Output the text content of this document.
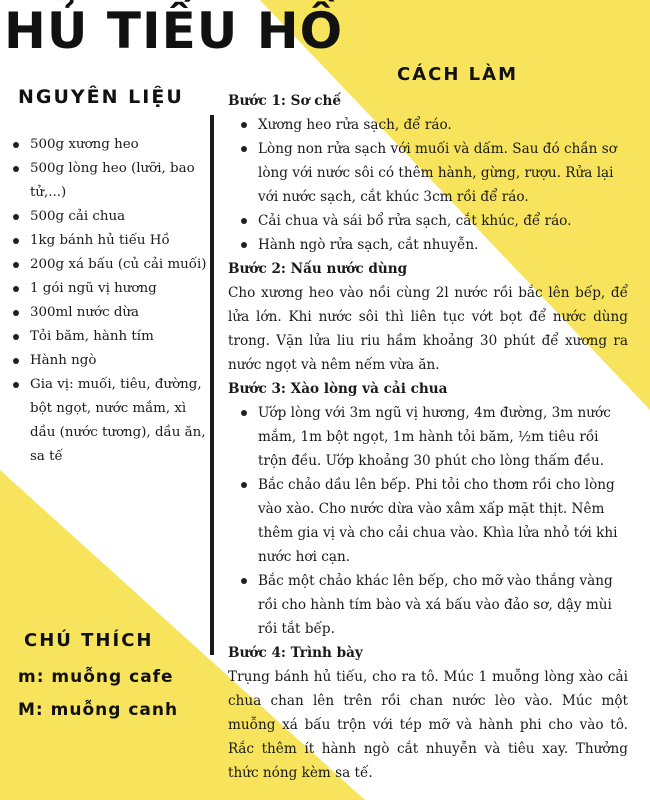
HỦ TIẾU HỒ
NGUYÊN LIỆU
CÁCH LÀM
500g xương heo
500g lòng heo (lưỡi, bao tử,...)
500g cải chua
1kg bánh hủ tiếu Hồ
200g xá bấu (củ cải muối)
1 gói ngũ vị hương
300ml nước dừa
Tỏi băm, hành tím
Hành ngò
Gia vị: muối, tiêu, đường, bột ngọt, nước mắm, xì dầu (nước tương), dầu ăn, sa tế

Bước 1: Sơ chế

Xương heo rửa sạch, để ráo.
Lòng non rửa sạch với muối và dấm. Sau đó chần sơ lòng với nước sôi có thêm hành, gừng, rượu. Rửa lại với nước sạch, cắt khúc 3cm rồi để ráo.
Cải chua và sái bổ rửa sạch, cắt khúc, để ráo.
Hành ngò rửa sạch, cắt nhuyễn.

Bước 2: Nấu nước dùng

Cho xương heo vào nồi cùng 2l nước rồi bắc lên bếp, để lửa lớn. Khi nước sôi thì liên tục vớt bọt để nước dùng trong. Vặn lửa liu riu hầm khoảng 30 phút để xương ra nước ngọt và nêm nếm vừa ăn.

Bước 3: Xào lòng và cải chua

Ướp lòng với 3m ngũ vị hương, 4m đường, 3m nước mắm, 1m bột ngọt, 1m hành tỏi băm, ½m tiêu rồi trộn đều. Ướp khoảng 30 phút cho lòng thấm đều.
Bắc chảo dầu lên bếp. Phi tỏi cho thơm rồi cho lòng vào xào. Cho nước dừa vào xâm xấp mặt thịt. Nêm thêm gia vị và cho cải chua vào. Khìa lửa nhỏ tới khi nước hơi cạn.
Bắc một chảo khác lên bếp, cho mỡ vào thắng vàng rồi cho hành tím bào và xá bấu vào đảo sơ, dậy mùi rồi tắt bếp.

Bước 4: Trình bày

Trụng bánh hủ tiếu, cho ra tô. Múc 1 muỗng lòng xào cải chua chan lên trên rồi chan nước lèo vào. Múc một muỗng xá bấu trộn với tép mỡ và hành phi cho vào tô. Rắc thêm ít hành ngò cắt nhuyễn và tiêu xay. Thưởng thức nóng kèm sa tế.

CHÚ THÍCH

m: muỗng cafe

M: muỗng canh
